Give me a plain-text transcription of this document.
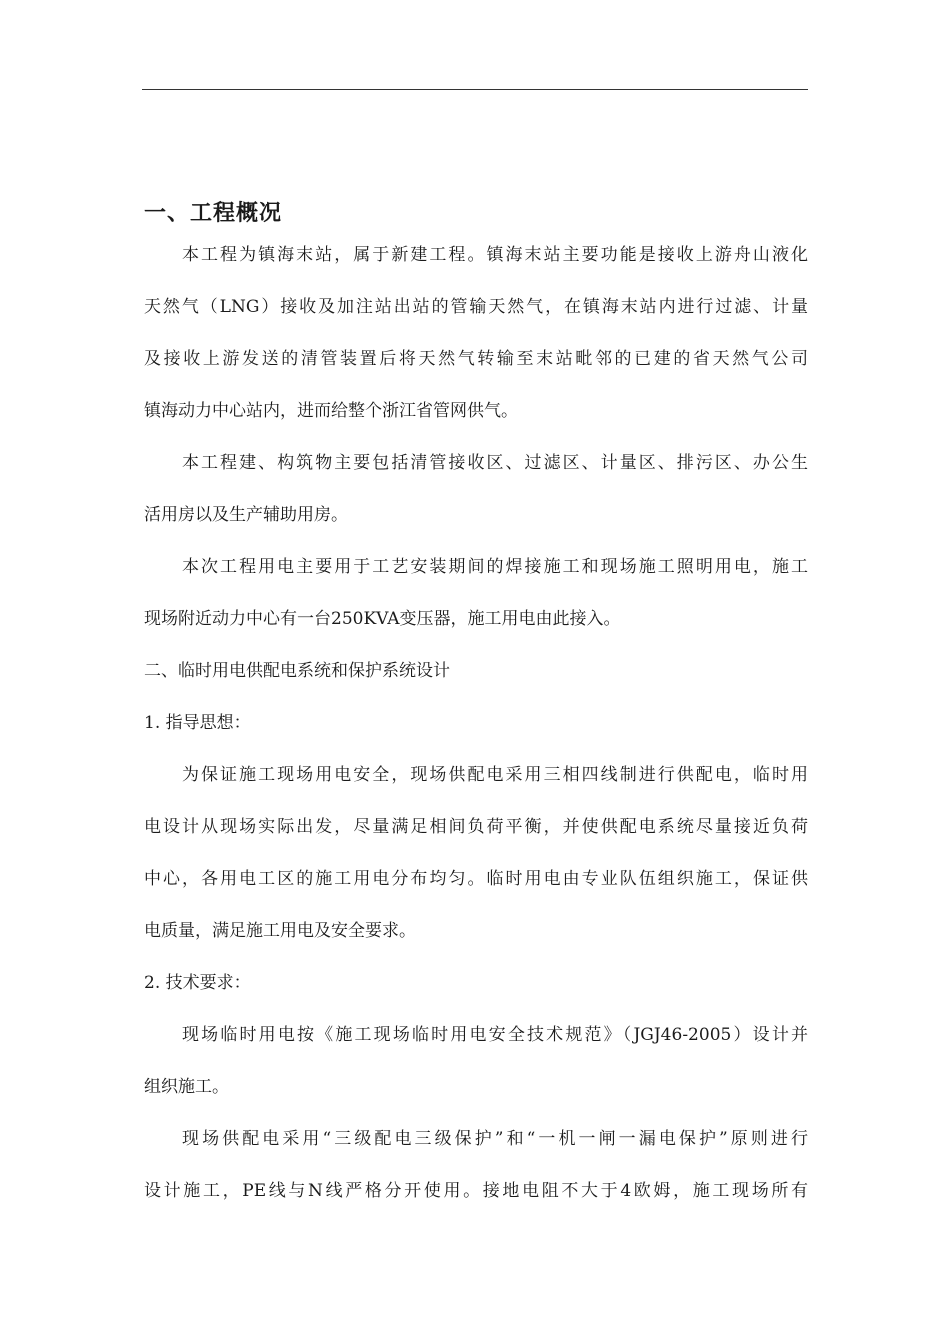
一、工程概况
本工程为镇海末站，属于新建工程。镇海末站主要功能是接收上游舟山液化
天然气（LNG）接收及加注站出站的管输天然气，在镇海末站内进行过滤、计量
及接收上游发送的清管装置后将天然气转输至末站毗邻的已建的省天然气公司
镇海动力中心站内，进而给整个浙江省管网供气。
本工程建、构筑物主要包括清管接收区、过滤区、计量区、排污区、办公生
活用房以及生产辅助用房。
本次工程用电主要用于工艺安装期间的焊接施工和现场施工照明用电，施工
现场附近动力中心有一台250KVA变压器，施工用电由此接入。
二、临时用电供配电系统和保护系统设计
1. 指导思想：
为保证施工现场用电安全，现场供配电采用三相四线制进行供配电，临时用
电设计从现场实际出发，尽量满足相间负荷平衡，并使供配电系统尽量接近负荷
中心，各用电工区的施工用电分布均匀。临时用电由专业队伍组织施工，保证供
电质量，满足施工用电及安全要求。
2. 技术要求：
现场临时用电按《施工现场临时用电安全技术规范》（JGJ46-2005）设计并
组织施工。
现场供配电采用“三级配电三级保护”和“一机一闸一漏电保护”原则进行
设计施工，PE线与N线严格分开使用。接地电阻不大于4欧姆，施工现场所有
